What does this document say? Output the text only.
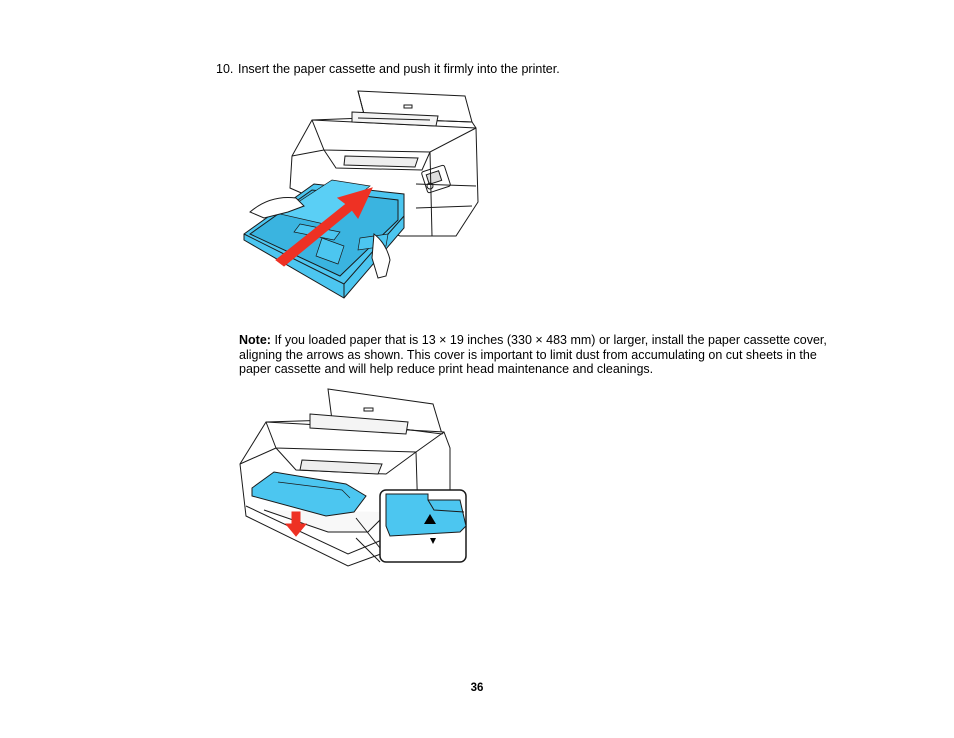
10. Insert the paper cassette and push it firmly into the printer.
Note: If you loaded paper that is 13 × 19 inches (330 × 483 mm) or larger, install the paper cassette cover, aligning the arrows as shown. This cover is important to limit dust from accumulating on cut sheets in the paper cassette and will help reduce print head maintenance and cleanings.
36
